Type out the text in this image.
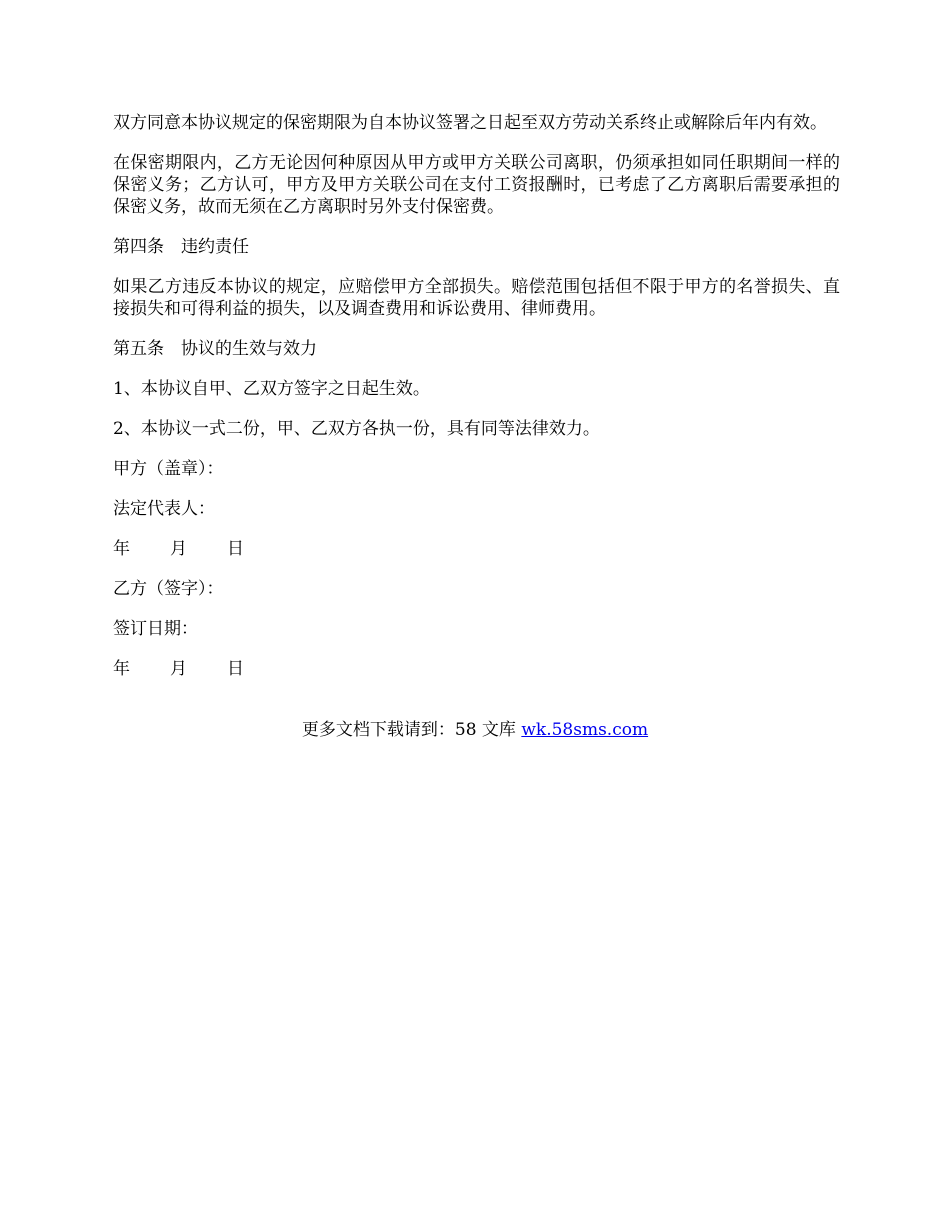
双方同意本协议规定的保密期限为自本协议签署之日起至双方劳动关系终止或解除后年内有效。

在保密期限内，乙方无论因何种原因从甲方或甲方关联公司离职，仍须承担如同任职期间一样的保密义务；乙方认可，甲方及甲方关联公司在支付工资报酬时，已考虑了乙方离职后需要承担的保密义务，故而无须在乙方离职时另外支付保密费。

第四条　违约责任

如果乙方违反本协议的规定，应赔偿甲方全部损失。赔偿范围包括但不限于甲方的名誉损失、直接损失和可得利益的损失，以及调查费用和诉讼费用、律师费用。

第五条　协议的生效与效力

1、本协议自甲、乙双方签字之日起生效。

2、本协议一式二份，甲、乙双方各执一份，具有同等法律效力。

甲方（盖章）：

法定代表人：

年 月 日

乙方（签字）：

签订日期：

年 月 日

更多文档下载请到：58 文库 wk.58sms.com
